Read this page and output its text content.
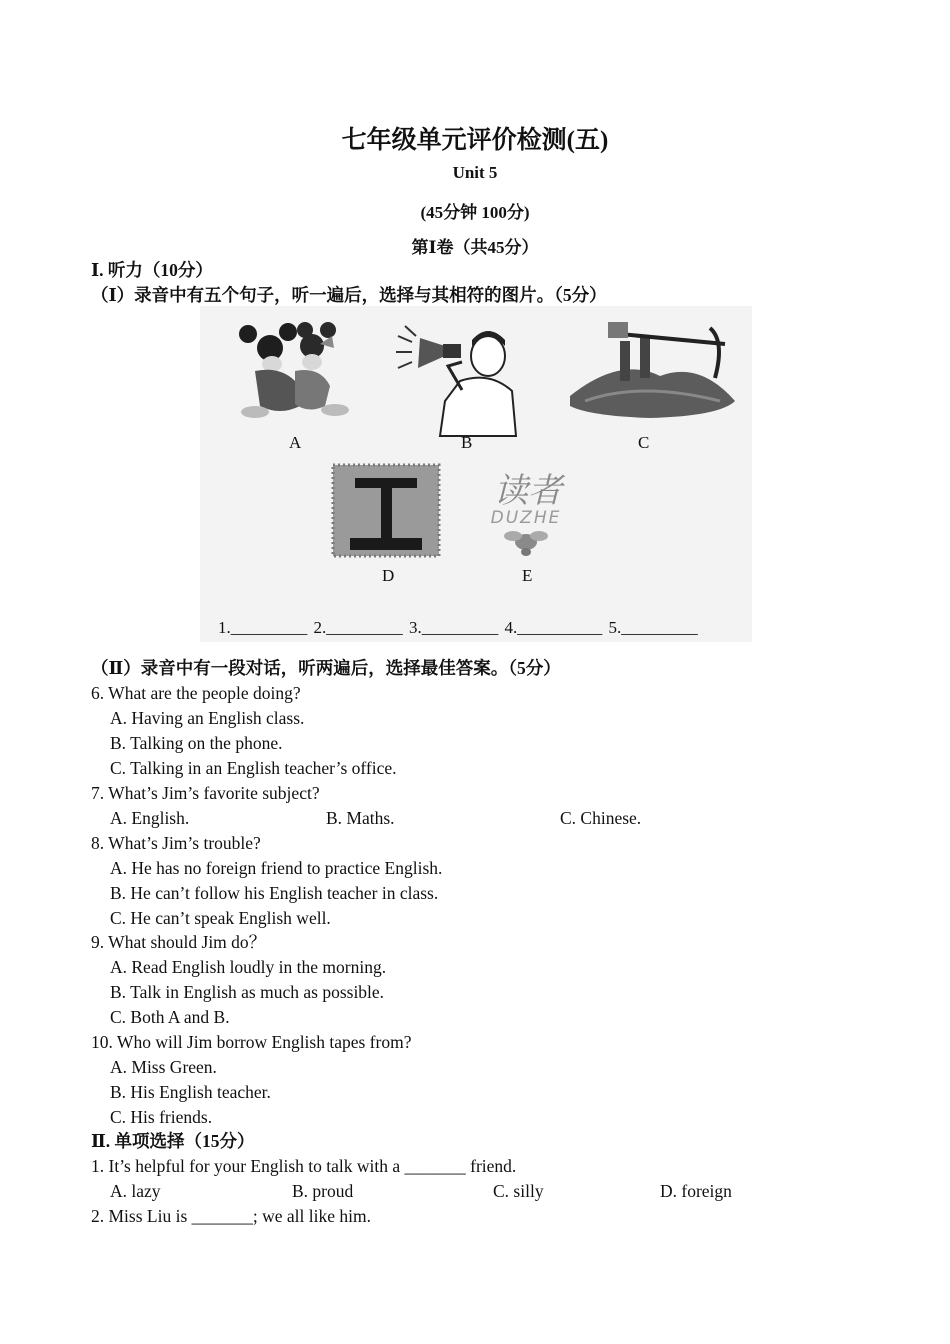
七年级单元评价检测(五)
Unit 5
(45分钟 100分)
第Ⅰ卷（共45分）
Ⅰ. 听力（10分）
（Ⅰ）录音中有五个句子，听一遍后，选择与其相符的图片。（5分）
读者
DUZHE
A	B	C
D	E
1._________ 2._________ 3._________ 4.__________ 5._________
（Ⅱ）录音中有一段对话，听两遍后，选择最佳答案。（5分）
6. What are the people doing?
A. Having an English class.
B. Talking on the phone.
C. Talking in an English teacher’s office.
7. What’s Jim’s favorite subject?
A. English.	B. Maths.	C. Chinese.
8. What’s Jim’s trouble?
A. He has no foreign friend to practice English.
B. He can’t follow his English teacher in class.
C. He can’t speak English well.
9. What should Jim do？
A. Read English loudly in the morning.
B. Talk in English as much as possible.
C. Both A and B.
10. Who will Jim borrow English tapes from?
A. Miss Green.
B. His English teacher.
C. His friends.
Ⅱ. 单项选择（15分）
1. It’s helpful for your English to talk with a _______ friend.
A. lazy	B. proud	C. silly	D. foreign
2. Miss Liu is _______; we all like him.
